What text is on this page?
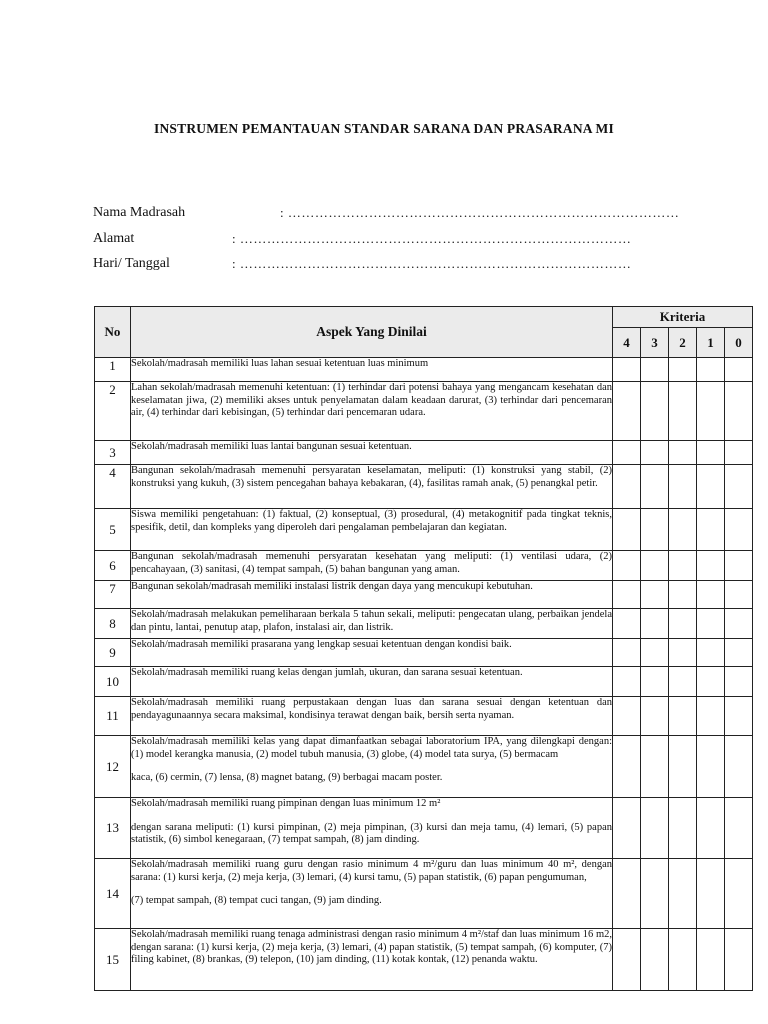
INSTRUMEN PEMANTAUAN STANDAR SARANA DAN PRASARANA MI
Nama Madrasah	: ……………………………………………………………………………
Alamat	: ……………………………………………………………………………
Hari/ Tanggal	: ……………………………………………………………………………
No	Aspek Yang Dinilai	Kriteria				
		4	3	2	1	0
1	Sekolah/madrasah memiliki luas lahan sesuai ketentuan luas minimum					

2	Lahan sekolah/madrasah memenuhi ketentuan: (1) terhindar dari potensi bahaya yang mengancam kesehatan dan keselamatan jiwa, (2) memiliki akses untuk penyelamatan dalam keadaan darurat, (3) terhindar dari pencemaran air, (4) terhindar dari kebisingan, (5) terhindar dari pencemaran udara.					

3	Sekolah/madrasah memiliki luas lantai bangunan sesuai ketentuan.					

4	Bangunan sekolah/madrasah memenuhi persyaratan keselamatan, meliputi: (1) konstruksi yang stabil, (2) konstruksi yang kukuh, (3) sistem pencegahan bahaya kebakaran, (4), fasilitas ramah anak, (5) penangkal petir.					

5	Siswa memiliki pengetahuan: (1) faktual, (2) konseptual, (3) prosedural, (4) metakognitif pada tingkat teknis, spesifik, detil, dan kompleks yang diperoleh dari pengalaman pembelajaran dan kegiatan.					

6	Bangunan sekolah/madrasah memenuhi persyaratan kesehatan yang meliputi: (1) ventilasi udara, (2) pencahayaan, (3) sanitasi, (4) tempat sampah, (5) bahan bangunan yang aman.					

7	Bangunan sekolah/madrasah memiliki instalasi listrik dengan daya yang mencukupi kebutuhan.					

8	Sekolah/madrasah melakukan pemeliharaan berkala 5 tahun sekali, meliputi: pengecatan ulang, perbaikan jendela dan pintu, lantai, penutup atap, plafon, instalasi air, dan listrik.					

9	Sekolah/madrasah memiliki prasarana yang lengkap sesuai ketentuan dengan kondisi baik.					

10	Sekolah/madrasah memiliki ruang kelas dengan jumlah, ukuran, dan sarana sesuai ketentuan.					

11	Sekolah/madrasah memiliki ruang perpustakaan dengan luas dan sarana sesuai dengan ketentuan dan pendayagunaannya secara maksimal, kondisinya terawat dengan baik, bersih serta nyaman.					

12	Sekolah/madrasah memiliki kelas yang dapat dimanfaatkan sebagai laboratorium IPA, yang dilengkapi dengan: (1) model kerangka manusia, (2) model tubuh manusia, (3) globe, (4) model tata surya, (5) bermacam

kaca, (6) cermin, (7) lensa, (8) magnet batang, (9) berbagai macam poster.					

13	Sekolah/madrasah memiliki ruang pimpinan dengan luas minimum 12 m²

dengan sarana meliputi: (1) kursi pimpinan, (2) meja pimpinan, (3) kursi dan meja tamu, (4) lemari, (5) papan statistik, (6) simbol kenegaraan, (7) tempat sampah, (8) jam dinding.					

14	Sekolah/madrasah memiliki ruang guru dengan rasio minimum 4 m²/guru dan luas minimum 40 m², dengan sarana: (1) kursi kerja, (2) meja kerja, (3) lemari, (4) kursi tamu, (5) papan statistik, (6) papan pengumuman,

(7) tempat sampah, (8) tempat cuci tangan, (9) jam dinding.					

15	Sekolah/madrasah memiliki ruang tenaga administrasi dengan rasio minimum 4 m²/staf dan luas minimum 16 m2, dengan sarana: (1) kursi kerja, (2) meja kerja, (3) lemari, (4) papan statistik, (5) tempat sampah, (6) komputer, (7) filing kabinet, (8) brankas, (9) telepon, (10) jam dinding, (11) kotak kontak, (12) penanda waktu.					
